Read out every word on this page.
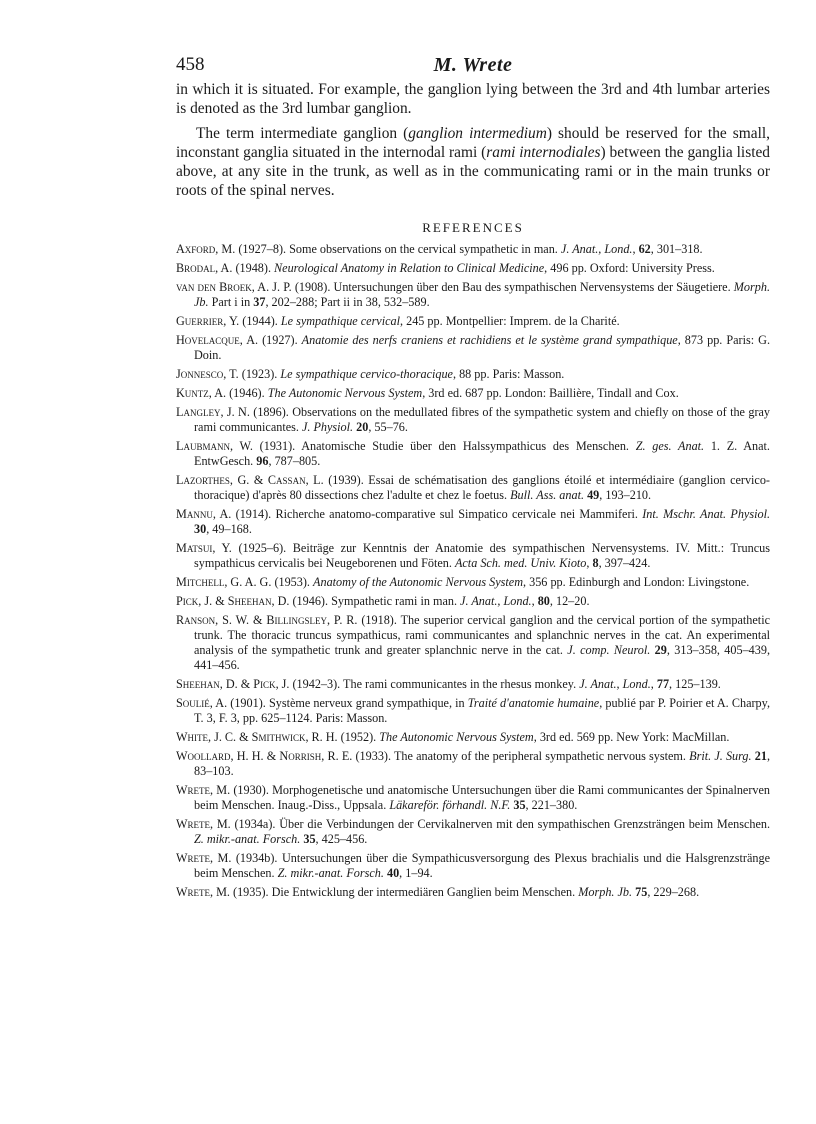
458	M. Wrete

in which it is situated. For example, the ganglion lying between the 3rd and 4th lumbar arteries is denoted as the 3rd lumbar ganglion.

The term intermediate ganglion (ganglion intermedium) should be reserved for the small, inconstant ganglia situated in the internodal rami (rami internodiales) between the ganglia listed above, at any site in the trunk, as well as in the communicating rami or in the main trunks or roots of the spinal nerves.

REFERENCES

Axford, M. (1927–8). Some observations on the cervical sympathetic in man. J. Anat., Lond., 62, 301–318.

Brodal, A. (1948). Neurological Anatomy in Relation to Clinical Medicine, 496 pp. Oxford: University Press.

van den Broek, A. J. P. (1908). Untersuchungen über den Bau des sympathischen Nervensystems der Säugetiere. Morph. Jb. Part i in 37, 202–288; Part ii in 38, 532–589.

Guerrier, Y. (1944). Le sympathique cervical, 245 pp. Montpellier: Imprem. de la Charité.

Hovelacque, A. (1927). Anatomie des nerfs craniens et rachidiens et le système grand sympathique, 873 pp. Paris: G. Doin.

Jonnesco, T. (1923). Le sympathique cervico-thoracique, 88 pp. Paris: Masson.

Kuntz, A. (1946). The Autonomic Nervous System, 3rd ed. 687 pp. London: Baillière, Tindall and Cox.

Langley, J. N. (1896). Observations on the medullated fibres of the sympathetic system and chiefly on those of the gray rami communicantes. J. Physiol. 20, 55–76.

Laubmann, W. (1931). Anatomische Studie über den Halssympathicus des Menschen. Z. ges. Anat. 1. Z. Anat. EntwGesch. 96, 787–805.

Lazorthes, G. & Cassan, L. (1939). Essai de schématisation des ganglions étoilé et intermédiaire (ganglion cervico-thoracique) d'après 80 dissections chez l'adulte et chez le foetus. Bull. Ass. anat. 49, 193–210.

Mannu, A. (1914). Richerche anatomo-comparative sul Simpatico cervicale nei Mammiferi. Int. Mschr. Anat. Physiol. 30, 49–168.

Matsui, Y. (1925–6). Beiträge zur Kenntnis der Anatomie des sympathischen Nervensystems. IV. Mitt.: Truncus sympathicus cervicalis bei Neugeborenen und Föten. Acta Sch. med. Univ. Kioto, 8, 397–424.

Mitchell, G. A. G. (1953). Anatomy of the Autonomic Nervous System, 356 pp. Edinburgh and London: Livingstone.

Pick, J. & Sheehan, D. (1946). Sympathetic rami in man. J. Anat., Lond., 80, 12–20.

Ranson, S. W. & Billingsley, P. R. (1918). The superior cervical ganglion and the cervical portion of the sympathetic trunk. The thoracic truncus sympathicus, rami communicantes and splanchnic nerves in the cat. An experimental analysis of the sympathetic trunk and greater splanchnic nerve in the cat. J. comp. Neurol. 29, 313–358, 405–439, 441–456.

Sheehan, D. & Pick, J. (1942–3). The rami communicantes in the rhesus monkey. J. Anat., Lond., 77, 125–139.

Soulié, A. (1901). Système nerveux grand sympathique, in Traité d'anatomie humaine, publié par P. Poirier et A. Charpy, T. 3, F. 3, pp. 625–1124. Paris: Masson.

White, J. C. & Smithwick, R. H. (1952). The Autonomic Nervous System, 3rd ed. 569 pp. New York: MacMillan.

Woollard, H. H. & Norrish, R. E. (1933). The anatomy of the peripheral sympathetic nervous system. Brit. J. Surg. 21, 83–103.

Wrete, M. (1930). Morphogenetische und anatomische Untersuchungen über die Rami communicantes der Spinalnerven beim Menschen. Inaug.-Diss., Uppsala. Läkareför. förhandl. N.F. 35, 221–380.

Wrete, M. (1934a). Über die Verbindungen der Cervikalnerven mit den sympathischen Grenzsträngen beim Menschen. Z. mikr.-anat. Forsch. 35, 425–456.

Wrete, M. (1934b). Untersuchungen über die Sympathicusversorgung des Plexus brachialis und die Halsgrenzstränge beim Menschen. Z. mikr.-anat. Forsch. 40, 1–94.

Wrete, M. (1935). Die Entwicklung der intermediären Ganglien beim Menschen. Morph. Jb. 75, 229–268.
